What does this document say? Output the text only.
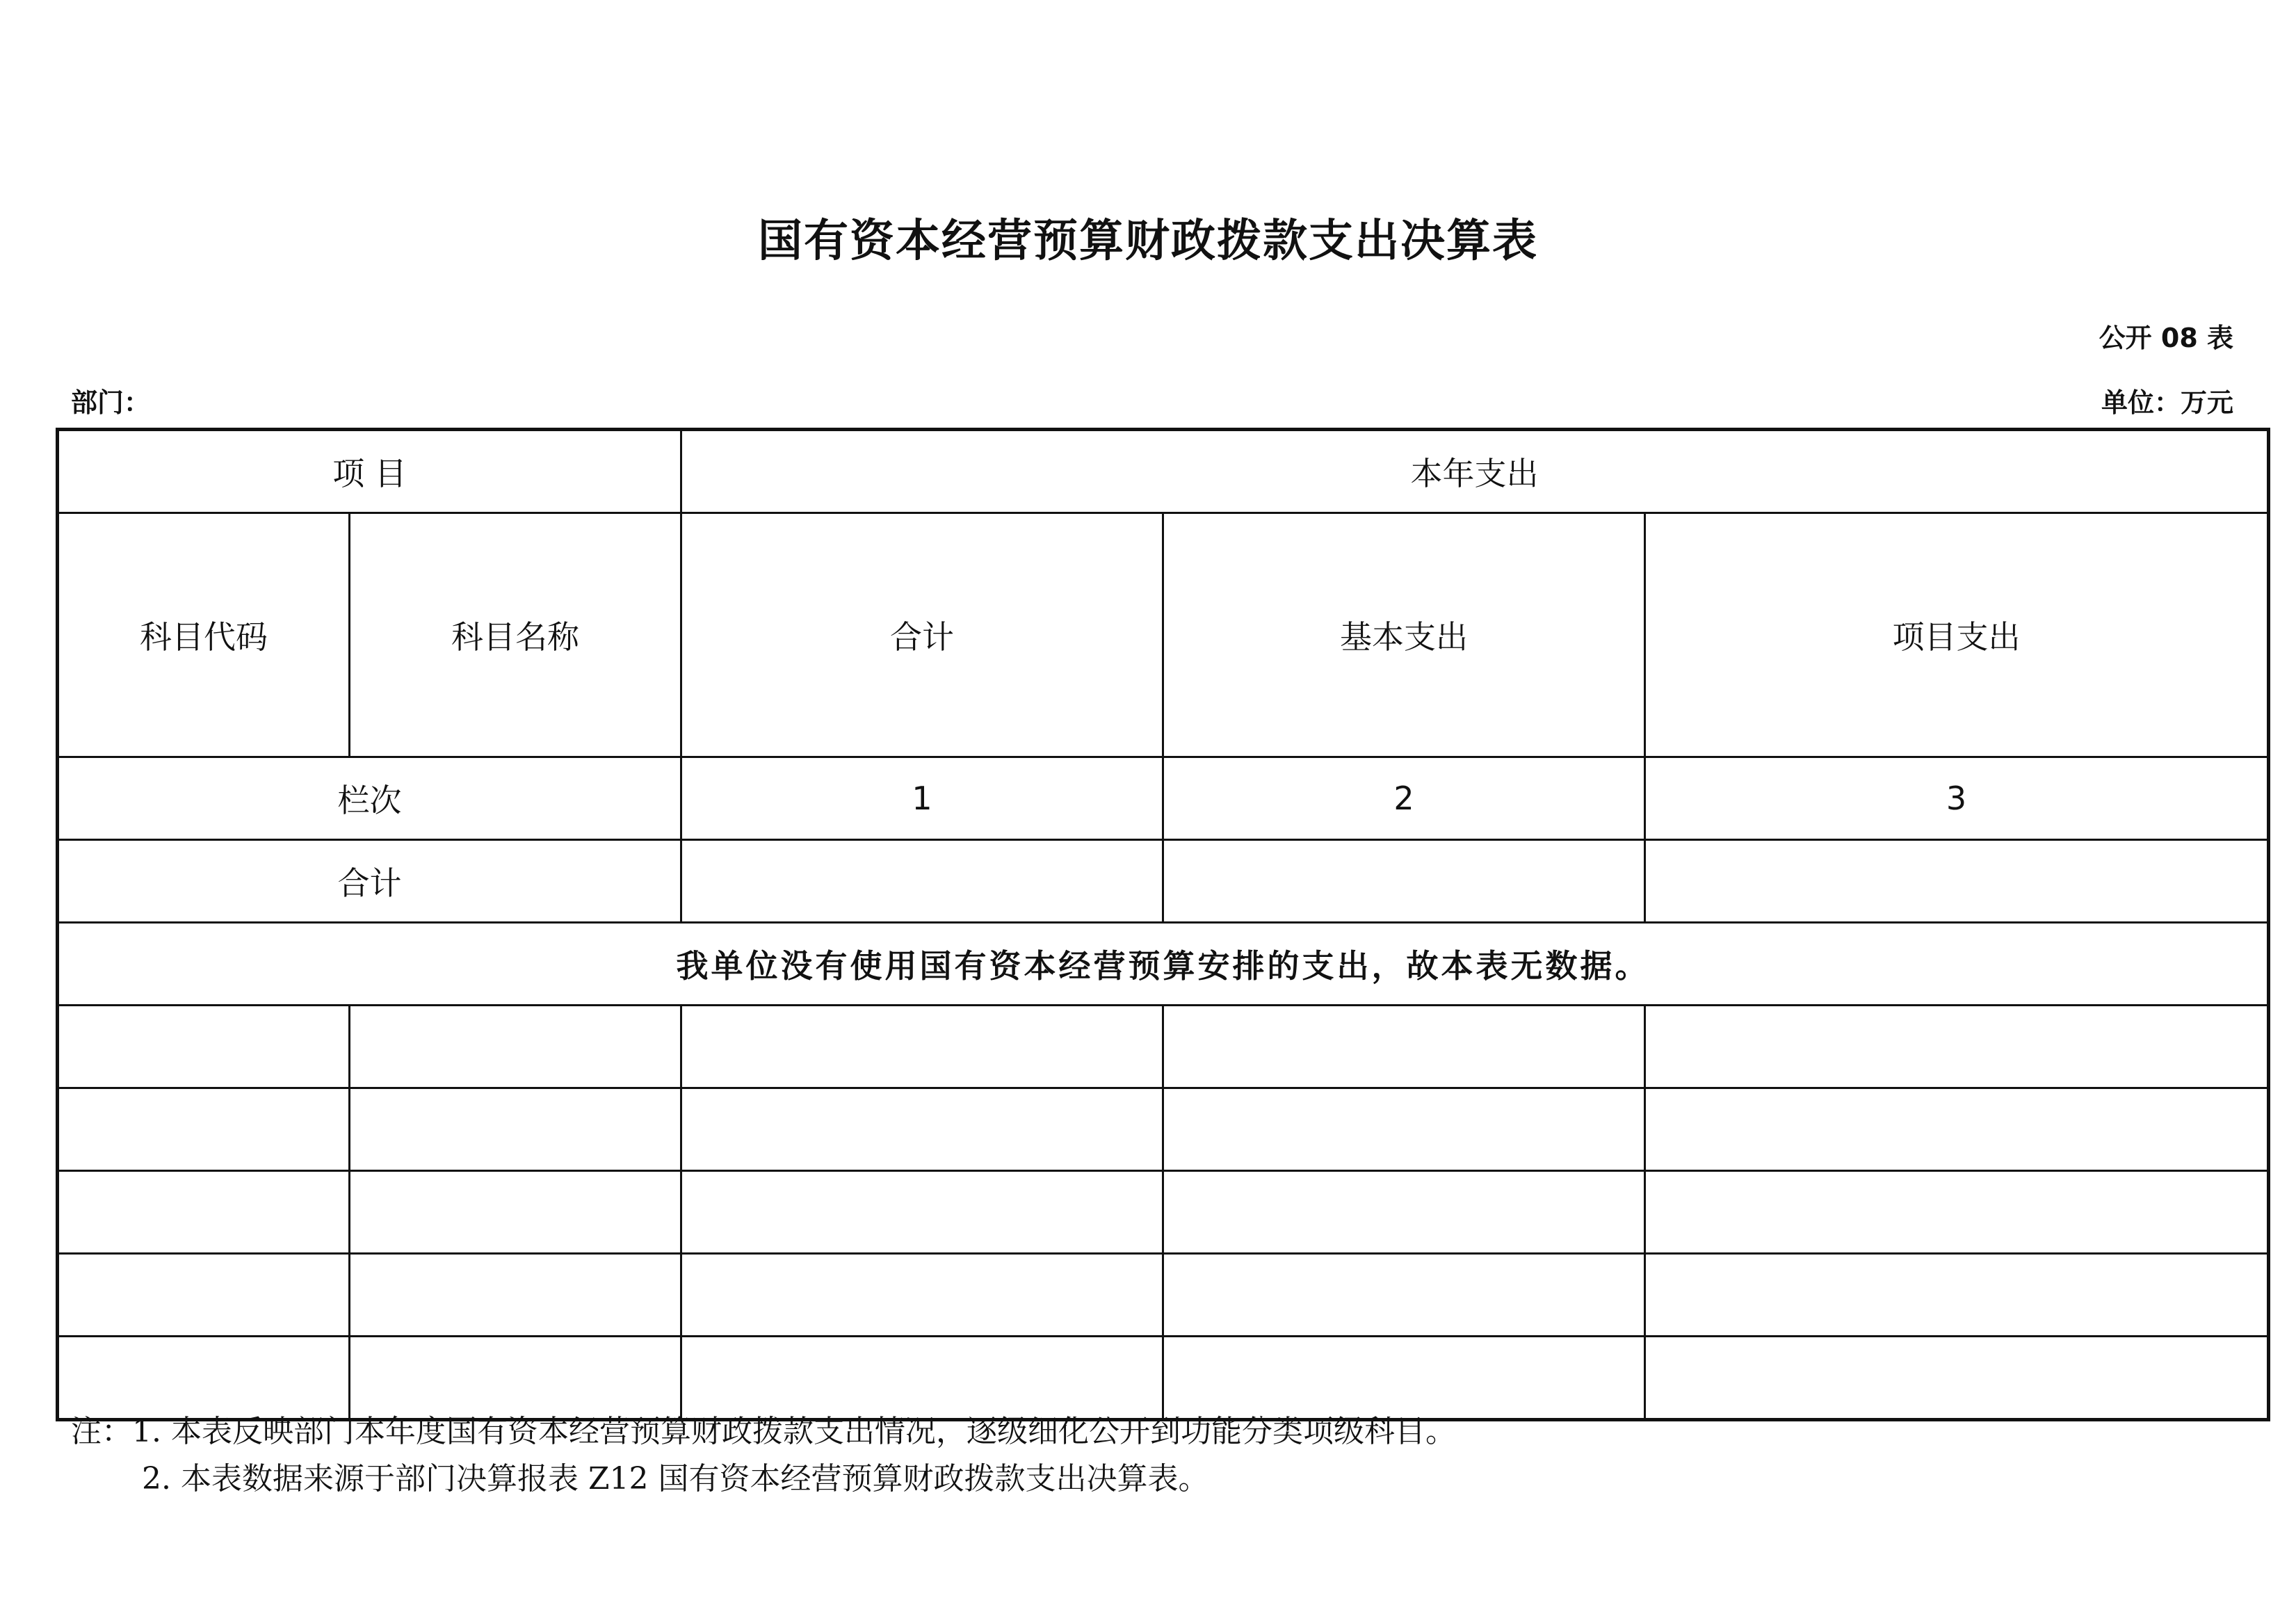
国有资本经营预算财政拨款支出决算表
公开 08 表
部门：	单位：万元
项 目		本年支出		
科目代码	科目名称	合计	基本支出	项目支出
栏次		1	2	3
合计				
我单位没有使用国有资本经营预算安排的支出，故本表无数据。				

注：1. 本表反映部门本年度国有资本经营预算财政拨款支出情况，逐级细化公开到功能分类项级科目。
2. 本表数据来源于部门决算报表 Z12 国有资本经营预算财政拨款支出决算表。
